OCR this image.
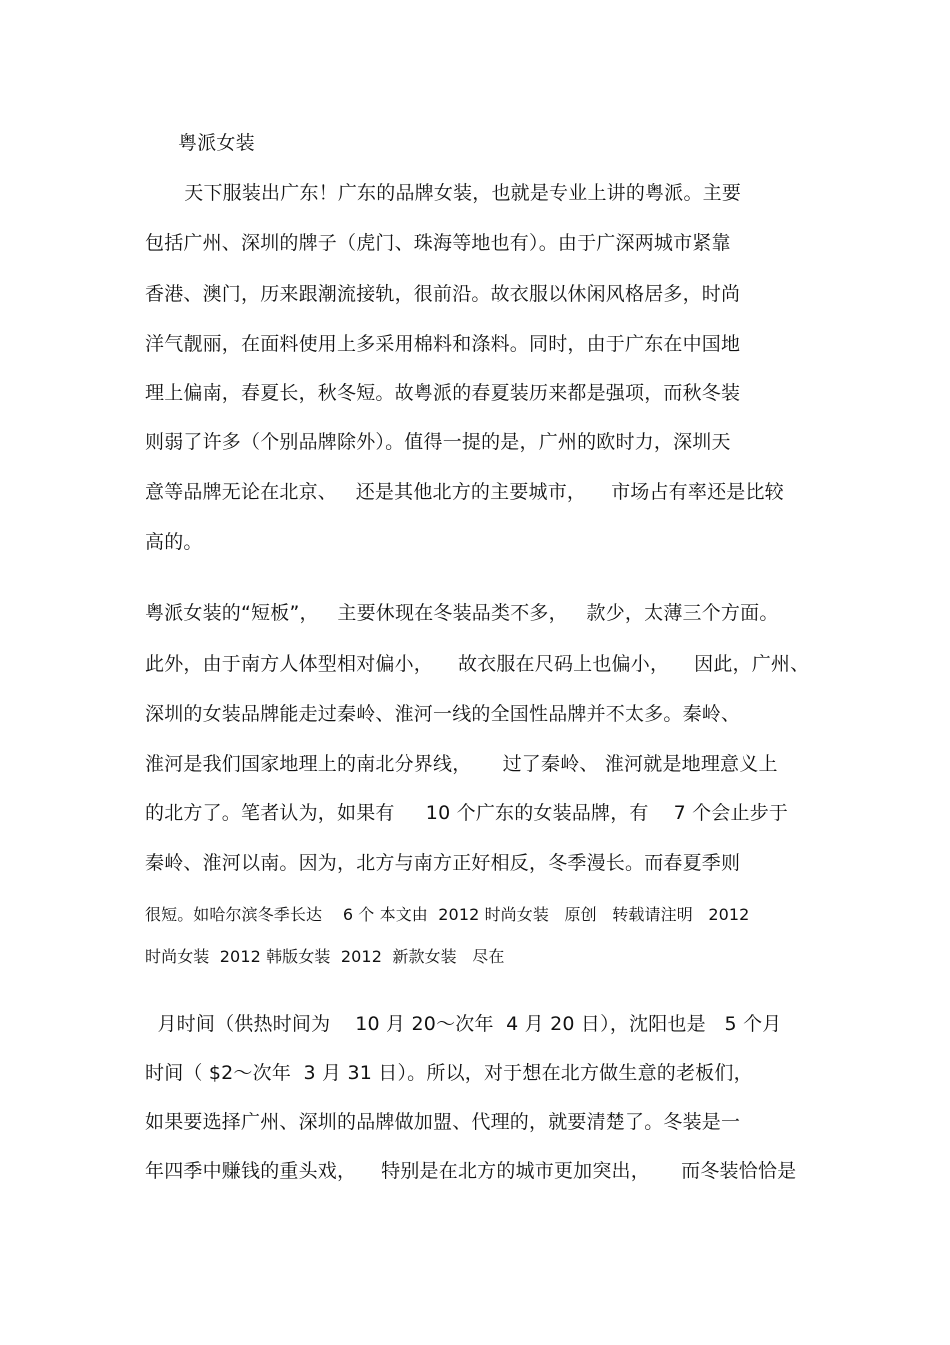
粤派女装
天下服装出广东！广东的品牌女装，也就是专业上讲的粤派。主要
包括广州、深圳的牌子（虎门、珠海等地也有）。由于广深两城市紧靠
香港、澳门，历来跟潮流接轨，很前沿。故衣服以休闲风格居多，时尚
洋气靓丽，在面料使用上多采用棉料和涤料。同时，由于广东在中国地
理上偏南，春夏长，秋冬短。故粤派的春夏装历来都是强项，而秋冬装
则弱了许多（个别品牌除外）。值得一提的是，广州的欧时力，深圳天
意等品牌无论在北京、   还是其他北方的主要城市，    市场占有率还是比较
高的。
粤派女装的“短板”，   主要休现在冬装品类不多，   款少，太薄三个方面。
此外，由于南方人体型相对偏小，    故衣服在尺码上也偏小，    因此，广州、
深圳的女装品牌能走过秦岭、淮河一线的全国性品牌并不太多。秦岭、
淮河是我们国家地理上的南北分界线，     过了秦岭、 淮河就是地理意义上
的北方了。笔者认为，如果有     10 个广东的女装品牌，有    7 个会止步于
秦岭、淮河以南。因为，北方与南方正好相反，冬季漫长。而春夏季则
很短。如哈尔滨冬季长达    6 个 本文由  2012 时尚女装   原创   转载请注明   2012
时尚女装  2012 韩版女装  2012  新款女装   尽在
月时间（供热时间为    10 月 20～次年  4 月 20 日），沈阳也是   5 个月
时间（ $2～次年  3 月 31 日）。所以，对于想在北方做生意的老板们，
如果要选择广州、深圳的品牌做加盟、代理的，就要清楚了。冬装是一
年四季中赚钱的重头戏，    特别是在北方的城市更加突出，     而冬装恰恰是
